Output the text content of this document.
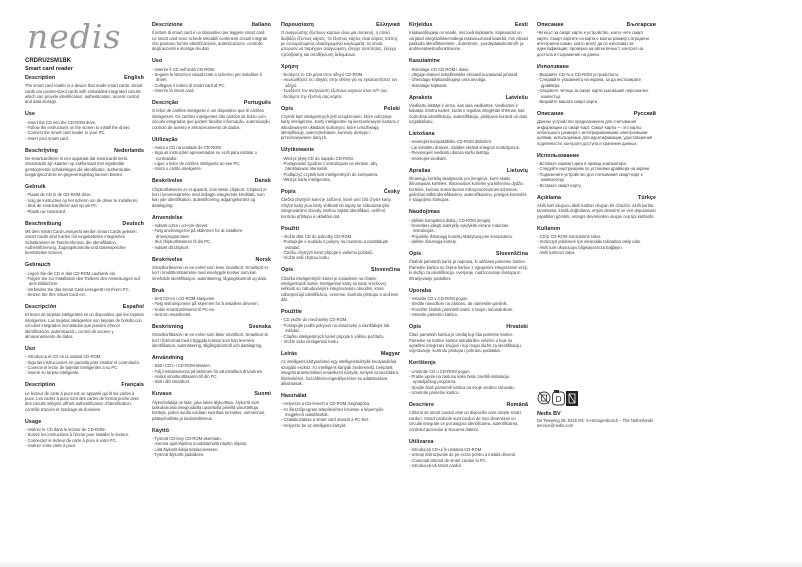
nedis
CRDRU2SM1BK
Smart card reader
Description	English

The smart card reader is a device that reads smart cards. Smart cards are pocket-sized cards with embedded integrated circuits which can provide identification, authentication, access control and data storage.

Use
- Insert the CD into the CD-ROM drive.
- Follow the instructions on the screen to install the driver.
- Connect the smart card reader to your PC.
- Insert your smart card.
Beschrijving	Nederlands

De smartcardlezer is een apparaat dat smartcards leest. Smartcards zijn kaarten op zakformaat met ingebedde geïntegreerde schakelingen die identificatie, authenticatie, toegangscontrole en gegevensopslag kunnen bieden.

Gebruik
- Plaats de CD in de CD-ROM-drive.
- Volg de instructies op het scherm om de driver te installeren.
- Sluit de smartcardlezer aan op uw PC.
- Plaats uw smartcard.
Beschreibung	Deutsch

Mit dem Smart Card-Lesegerät werden Smart Cards gelesen. Smart Cards sind Karten mit eingebetteten integrierten Schaltkreisen im Taschenformat, die Identifikation, Authentifizierung, Zugangskontrolle und Datenspeicher bereitstellen können.

Gebrauch
- Legen Sie die CD in das CD-ROM Laufwerk ein.
- Folgen Sie zur Installation des Treibers den Anweisungen auf dem Bildschirm.
- Verbinden Sie das Smart Card-Lesegerät mit Ihrem PC.
- Setzen Sie Ihre Smart Card ein.
Descripción	Español

El lector de tarjetas inteligentes es un dispositivo que lee tarjetas inteligentes. Las tarjetas inteligentes son tarjetas de bolsillo con circuitos integrados incrustados que pueden ofrecer identificación, autenticación, control de acceso y almacenamiento de datos.

Uso
- Introduzca el CD en la unidad CD-ROM.
- Siga las instrucciones en pantalla para instalar el controlador.
- Conecte el lector de tarjetas inteligentes a su PC.
- Inserte su tarjeta inteligente.
Description	Français

Le lecteur de carte à puce est un appareil qui lit les cartes à puce. Les cartes à puce sont des cartes de format poche avec des circuits intégrés offrant authentification d'identification, contrôle d'accès et stockage de données.

Usage
- Insérez le CD dans le lecteur de CD-ROM.
- Suivez les instructions à l'écran pour installer le lecteur.
- Connectez le lecteur de carte à puce à votre PC.
- Insérez votre carte à puce.
Descrizione	Italiano

Il lettore di smart card è un dispositivo per leggere smart card. Le smart card sono schede tascabili contenenti circuiti integrati che possono fornire identificazione, autenticazione, controllo degli accessi e storage dei dati.

Uso
- Inserire il CD nell'unità CD-ROM.
- Seguire le istruzioni visualizzate a schermo per installare il driver.
- Collegare il lettore di smart card al PC.
- Inserire la smart card.
Descrição	Português

O leitor de cartões inteligente é um dispositivo que lê cartões inteligentes. Os cartões inteligentes são cartões de bolso com circuito integrados que podem facultar informação, autenticação, controlo de acesso e armazenamento de dados.

Utilização
- Insira o CD na unidade de CR-ROM.
- Siga as instruções apresentadas no ecrã para instalar o controlador.
- Ligue o leitor de cartões inteligente ao seu PC.
- Insira o cartão inteligente.
Beskrivelse	Dansk

Chipkortlæseren er et apparat, som læser chipkort. Chipkort er kort i lommestørrelse med indlagte integrerede kredsløb, som kan yde identifikation, autentificering, adgangskontrol og datalagring.

Anvendelse
- Indsæt cd'en i cd-rom-drevet.
- Følg anvisningerne på skærmen for at installere driverprogrammet.
- Slut chipkortlæseren til din PC.
- Indsæt dit chipkort.
Beskrivelse	Norsk

Smartkortleseren er en enhet som leser smartkort. Smartkort er kort i kredittkortstørrelse med innebygde kretser som kan inneholde identifikasjon, autentisering, tilgangskontroll og data.

Bruk
- Sett CD-en i CD-ROM-stasjonen.
- Følg instruksjonene på skjermen for å installere driveren.
- Koble smartkortleseren til PC-en.
- Sett inn smartkortet.
Beskrivning	Svenska

Smartkortläsaren är en enhet som läser smartkort. Smartkort är kort i fickformat med inbyggda kretsar som kan leverera identifikation, autentisering, tillgångskontroll och datalagring.

Användning
- Sätt i CD:n i CD-ROM-läsaren.
- Följ instruktionerna på skärmen för att installera drivrutinen.
- Anslut smartkortläsaren till din PC.
- Sätt i ditt smartkort.
Kuvaus	Suomi

Älykortinlukija on laite, joka lukee älykortteja. Älykortit ovat taskukokoisia integroiduilla upotetuilla piireillä varustettuja kortteja, joiden avulla voidaan suorittaa tunnistus, varmennus, pääsynhallinta ja tiedontallennus.

Käyttö
- Työnnä CD-levy CD-ROM-asemaan.
- Asenna ajuriohjelma noudattamalla näytön ohjeita.
- Liitä älykortinlukija tietokoneeseen.
- Työnnä älykortti paikalleen.
Παρουσίαση	Ελληνικά

Ο αναγνώστης έξυπνων καρτών είναι μια συσκευή, η οποία διαβάζει έξυπνες κάρτες. Οι έξυπνες κάρτες είναι κάρτες τσέπης με ενσωματωμένα ολοκληρωμένα κυκλώματα, τα οποία μπορούν να παρέχουν αναγνώριση, έλεγχο ταυτότητας, έλεγχο πρόσβασης και αποθήκευση δεδομένων.

Χρήση
- Εισάγετε το CD μέσα στον οδηγό CD-ROM.
- Ακολουθήστε τις οδηγίες στην οθόνη για να εγκαταστήσετε τον οδηγό.
- Συνδέστε τον αναγνώστη έξυπνων καρτών στον Η/Υ σας.
- Εισάγετε την έξυπνή σας κάρτα.
Opis	Polski

Czytnik kart inteligentnych jest urządzeniem, które odczytuje karty inteligentne. Karty inteligentne są kieszonkowymi kartami z wbudowanymi układami scalonymi, które umożliwiają identyfikację, uwierzytelnianie, kontrolę dostępu i przechowywanie danych.

Użytkowanie
- Włożyć płytę CD do napędu CD-ROM.
- Postępować zgodnie z instrukcjami na ekranie, aby zainstalować sterownik.
- Podłączyć czytnik kart inteligentnych do komputera.
- Włożyć kartę inteligentną.
Popis	Česky

Čtečka chytrých karet je zařízení, které umí číst chytré karty. Chytré karty jsou karty velikosti do kapsy se zabudovanými integrovanými obvody. Mohou zajistit identifikaci, ověření, kontrolu přístupu a ukládání dat.

Použití
- Vložte disk CD do jednotky CD-ROM.
- Postupujte v souladu s pokyny na monitoru a nainstalujte ovladač.
- Čtečku chytrých karet připojte k vašemu počítači.
- Vložte vaši chytrou kartu.
Opis	Slovenčina

Čítačka inteligentných kariet je zariadenie na čítanie inteligentných kariet. Inteligentné karty sú karty vreckovej veľkosti so zabudovanými integrovanými obvodmi, ktoré zabezpečujú identifikáciu, overenie, kontrolu prístupu a uloženie dát.

Použitie
- CD vložte do mechaniky CD-ROM.
- Postupujte podľa pokynov na obrazovke a nainštalujte tak ovládač.
- Čítačku inteligentných kariet pripojte k vášmu počítaču.
- Vložte vašu inteligentnú kartu.
Leírás	Magyar

Az intelligens kártyaolvasó egy intelligenskártyák beolvasására szolgáló eszköz. Az intelligens kártyák zsebméretű, beépített, integrált áramkörökkel rendelkező kártyák, melyek azonosításra, hitelesítésre, hozzáférés-engedélyezésre és adattárolásra alkalmasak.

Használat
- Helyezze a CD-lemezt a CD-ROM meghajtóba.
- Az illesztőprogram telepítéséhez kövesse a képernyőn megjelenő utasításokat.
- Csatlakoztassa a smart card olvasót a PC-hez.
- Helyezze be az intelligens kártyát.
Kirjeldus	Eesti

Kiipkaardilugeja on seade, mis loeb kiipkaarte. Kiipkaardid on varjatud integraalskeemidega taskusuurused kaardid, mis võivad pakkuda identifitseerimis-, autentimis-, juurdepääsukontrolli- ja andmesalvestusfunktsioone.

Kasutamine
- Sisestage CD CD-ROM-i draivi.
- Järgige draiveri installimiseks ekraanil kuvatavaid juhiseid.
- Ühendage kiipkaardilugeja oma arvutiga.
- Sisestage kiipkaart.
Apraksts	Latviešu

Viedkartu lasītājs ir ierīce, kas lasa viedkartes. Viedkartes ir kabatas izmēra kartes, kurās ir iegultas integrētās shēmas, kas nodrošina identifikāciju, autentifikāciju, piekļuves kontroli un datu uzglabāšanu.

Lietošana
- Ievietojiet kompaktdisku CD-ROM diskdzinī.
- Lai instalētu draiveri, izpildiet ekrānā sniegtos norādījumus.
- Pievienojiet viedkartu datora karšu lasītāju.
- Ievietojiet viedkarti.
Aprašas	Lietuvių

Išmaniųjų kortelių skaitytuvas yra įrenginys, kuris skaito išmaniąsias korteles. Išmaniosios kortelės yra kišeninio dydžio kortelės, kuriose sumontuotos mikroprocesorinės schemos, galinčios atlikti identifikavimo, autentifikavimo, prieigos kontrolės ir saugojimo funkcijas.

Naudojimas
- Įdėkite kompaktinį diską į CD-ROM įrenginį.
- Norėdami įdiegti tvarkyklę vykdykite ekrane rodomas instrukcijas.
- Prijunkite išmaniųjų kortelių skaitytuvą prie kompiuterio.
- Įdėkite išmaniąją kortelę.
Opis	Slovenščina

Čitalnik pametnih kartic je naprava, ki odčitava pametne kartice. Pametne kartice so žepne kartice z vgrajenimi integriranimi vezji, ki služijo za identifikacijo, overjanje, nadzorovanje dostopa in shranjevanje podatkov.

Uporaba
- Vstavite CD v CD-ROM pogon.
- Sledite navodilom na zaslonu, da namestite gonilnik.
- Povežite čitalnik pametnih kartic s svojim računalnikom.
- Vstavite pametno kartico.
Opis	Hrvatski

Čitač pametnih kartica je uređaj koji čita pametne kartice. Pametne su kartice kartice standardne veličine u koje su ugrađeni integrirani krugovi i koji mogu služiti za identifikaciju, ovjeravanje, kontrolu pristupa i pohranu podataka.

Korištenje
- Umetnite CD u CD-ROM pogon.
- Pratite upute na zaslonu kako biste završili instalaciju upravljačkog programa.
- Spojite čitač pametnih kartica na svoje osobno računalo.
- Umetnite pametnu karticu.
Descriere	Română

Cititorul de smart carduri este un dispozitiv care citește smart carduri. Smart cardurile sunt carduri de mici dimensiuni cu circuite integrate ce pot asigura identificarea, autentificarea, controlul accesului și stocarea datelor.

Utilizarea
- Introduceți CD-ul în unitatea CD-ROM.
- Urmați instrucțiunile de pe ecran pentru a instala driverul.
- Conectați cititorul de smart carduri la PC.
- Introduceți-vă smart cardul.
Описание	Български

Четецът за смарт карти е устройство, което чете смарт карти. Смарт картите са карти с малък размер с вградени интегрални схеми, които могат да се използват за идентификация, проверка на автентичност, контрол на достъпа и съхранение на данни.

Използване
- Вкарайте CD-то в CD-ROM устройството.
- Следвайте указанията на екрана, за да инсталирате драйвера.
- Свържете четеца за смарт карти към вашия персонален компютър.
- Вкарайте вашата смарт карта.
Описание	Русский

Данное устройство предназначено для считывания информации со смарт-карт. Смарт-карты — это карты небольшого размера с интегрированными электронными цепями, используемые для идентификации, удостоверения подлинности, контроля доступа и хранения данных.

Использование
- Вставьте компакт-диск в привод компьютера.
- Следуйте инструкциям по установке драйвера на экране.
- Подключите устройство для считывания смарт-карт к компьютеру.
- Вставьте смарт-карту.
Açıklama	Türkçe

Akıllı kart okuyucu akıllı kartları okuyan bir cihazdır. Akıllı kartlar tanımlama, kimlik doğrulama, erişim denetimi ve veri depolaması yapabilen gömülü, entegre devrelerden oluşan cep tipi kartlardır.

Kullanım
- CD'yi CD-ROM sürücüsüne takın.
- Sürücüyü yüklemek için ekrandaki talimatları takip edin.
- Akıllı kart okuyucuyu bilgisayarınıza bağlayın.
- Akıllı kartınızı takın.
D
Nedis BV
De Tweeling 28, 5215 MC 's-Hertogenbosch – The Netherlands
service@nedis.com
